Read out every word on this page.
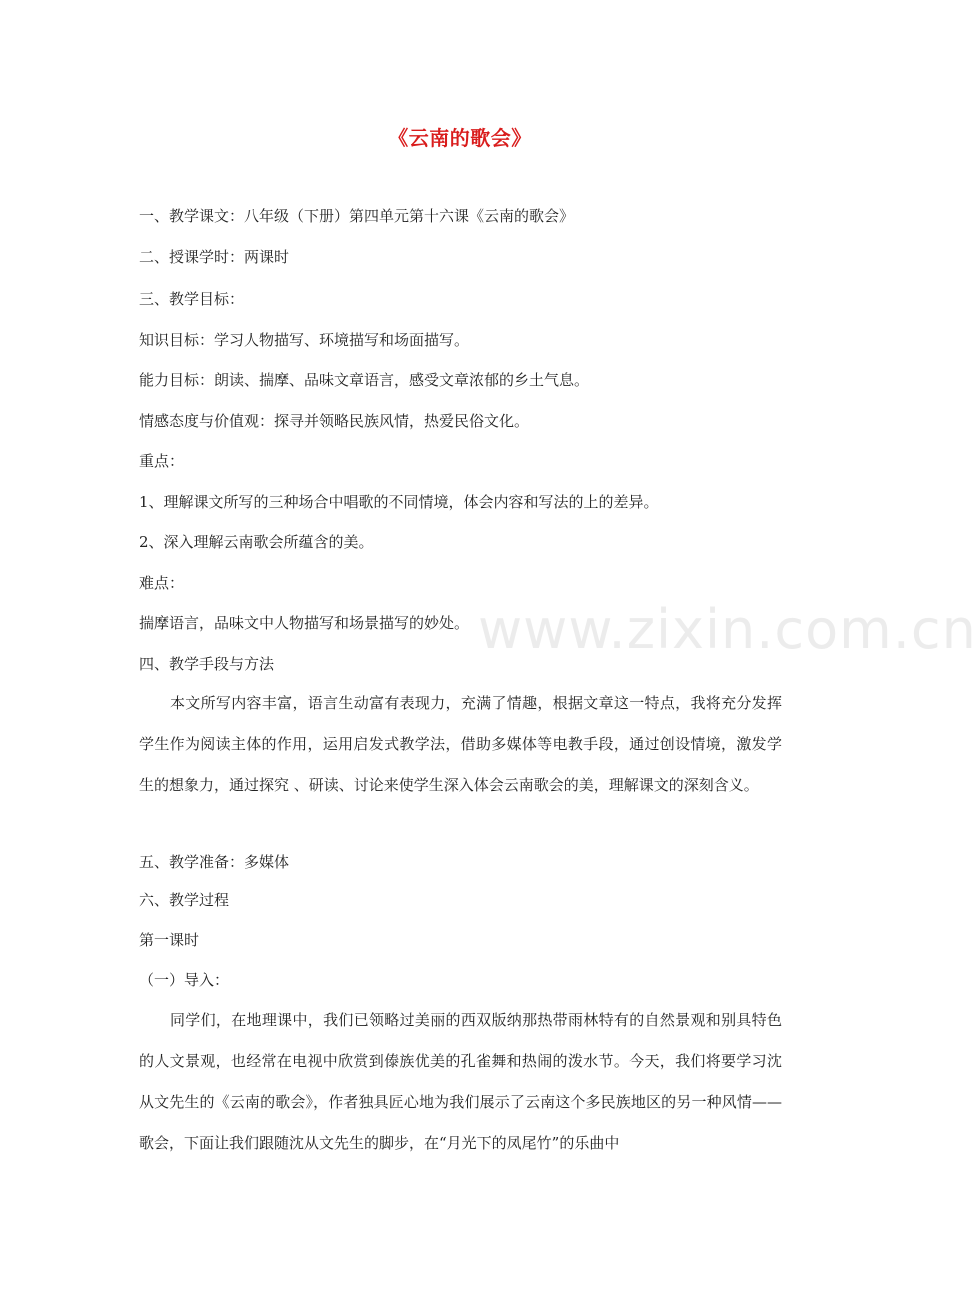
《云南的歌会》
一、教学课文：八年级（下册）第四单元第十六课《云南的歌会》
二、授课学时：两课时
三、教学目标：
知识目标：学习人物描写、环境描写和场面描写。
能力目标：朗读、揣摩、品味文章语言，感受文章浓郁的乡土气息。
情感态度与价值观：探寻并领略民族风情，热爱民俗文化。
重点：
1、理解课文所写的三种场合中唱歌的不同情境，体会内容和写法的上的差异。
2、深入理解云南歌会所蕴含的美。
难点：
揣摩语言，品味文中人物描写和场景描写的妙处。
四、教学手段与方法
本文所写内容丰富，语言生动富有表现力，充满了情趣，根据文章这一特点，我将充分发挥学生作为阅读主体的作用，运用启发式教学法，借助多媒体等电教手段，通过创设情境，激发学生的想象力，通过探究 、研读、讨论来使学生深入体会云南歌会的美，理解课文的深刻含义。
五、教学准备：多媒体
六、教学过程
第一课时
（一）导入：
同学们，在地理课中，我们已领略过美丽的西双版纳那热带雨林特有的自然景观和别具特色的人文景观，也经常在电视中欣赏到傣族优美的孔雀舞和热闹的泼水节。今天，我们将要学习沈从文先生的《云南的歌会》，作者独具匠心地为我们展示了云南这个多民族地区的另一种风情——歌会，下面让我们跟随沈从文先生的脚步，在“月光下的凤尾竹”的乐曲中
www.zixin.com.cn
